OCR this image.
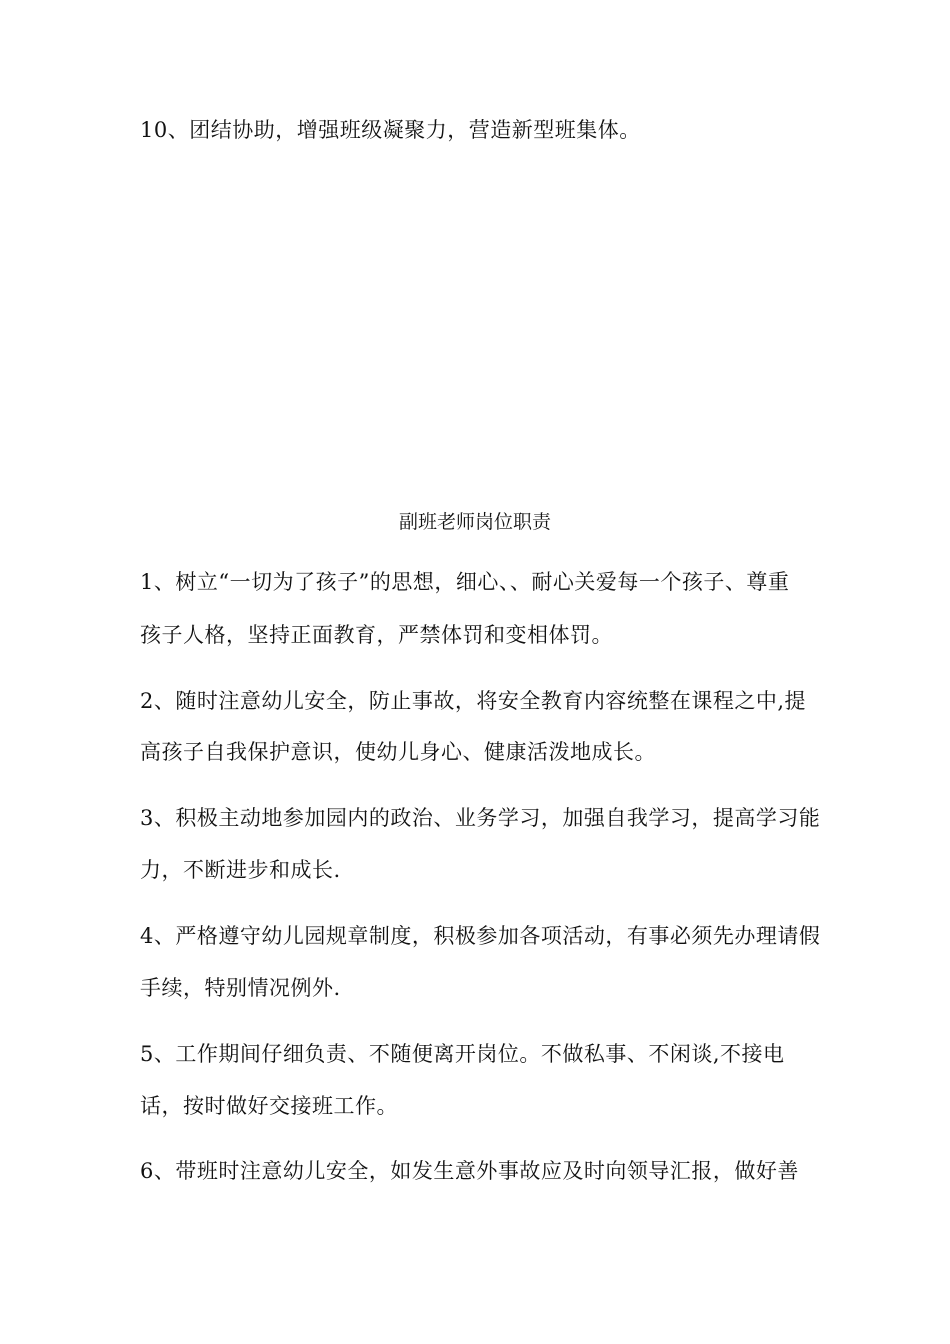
10、团结协助，增强班级凝聚力，营造新型班集体。
副班老师岗位职责
1、树立“一切为了孩子”的思想，细心、、耐心关爱每一个孩子、尊重
孩子人格，坚持正面教育，严禁体罚和变相体罚。
2、随时注意幼儿安全，防止事故，将安全教育内容统整在课程之中,提
高孩子自我保护意识，使幼儿身心、健康活泼地成长。
3、积极主动地参加园内的政治、业务学习，加强自我学习，提高学习能
力，不断进步和成长.
4、严格遵守幼儿园规章制度，积极参加各项活动，有事必须先办理请假
手续，特别情况例外.
5、工作期间仔细负责、不随便离开岗位。不做私事、不闲谈,不接电
话，按时做好交接班工作。
6、带班时注意幼儿安全，如发生意外事故应及时向领导汇报，做好善
